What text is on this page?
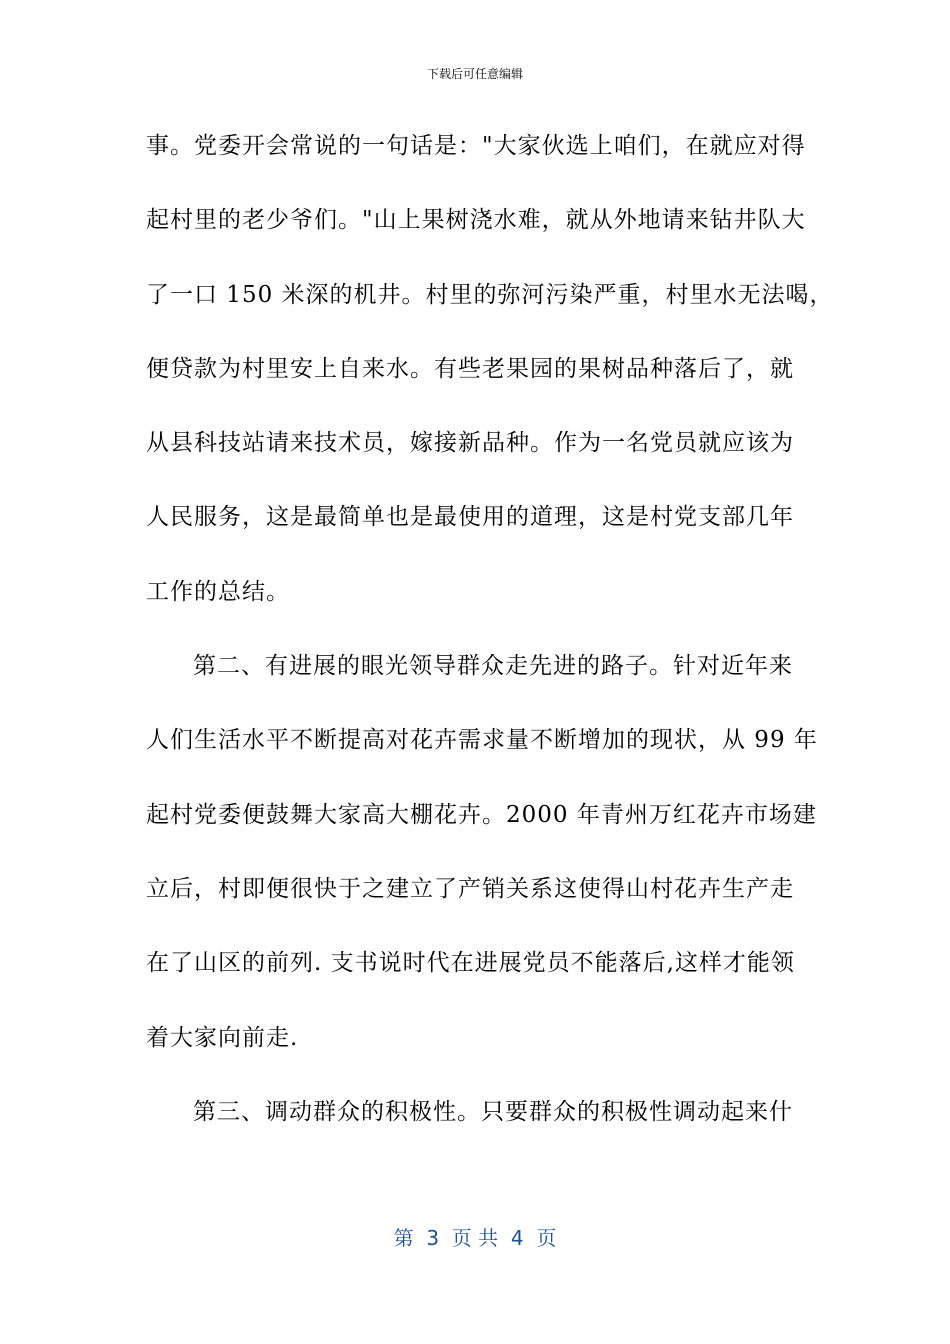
下载后可任意编辑
事。党委开会常说的一句话是："大家伙选上咱们，在就应对得
起村里的老少爷们。"山上果树浇水难，就从外地请来钻井队大
了一口 150 米深的机井。村里的弥河污染严重，村里水无法喝，
便贷款为村里安上自来水。有些老果园的果树品种落后了，就
从县科技站请来技术员，嫁接新品种。作为一名党员就应该为
人民服务，这是最简单也是最使用的道理，这是村党支部几年
工作的总结。
第二、有进展的眼光领导群众走先进的路子。针对近年来
人们生活水平不断提高对花卉需求量不断增加的现状，从 99 年
起村党委便鼓舞大家高大棚花卉。2000 年青州万红花卉市场建
立后，村即便很快于之建立了产销关系这使得山村花卉生产走
在了山区的前列. 支书说时代在进展党员不能落后,这样才能领
着大家向前走.
第三、调动群众的积极性。只要群众的积极性调动起来什
第  3  页 共  4  页
